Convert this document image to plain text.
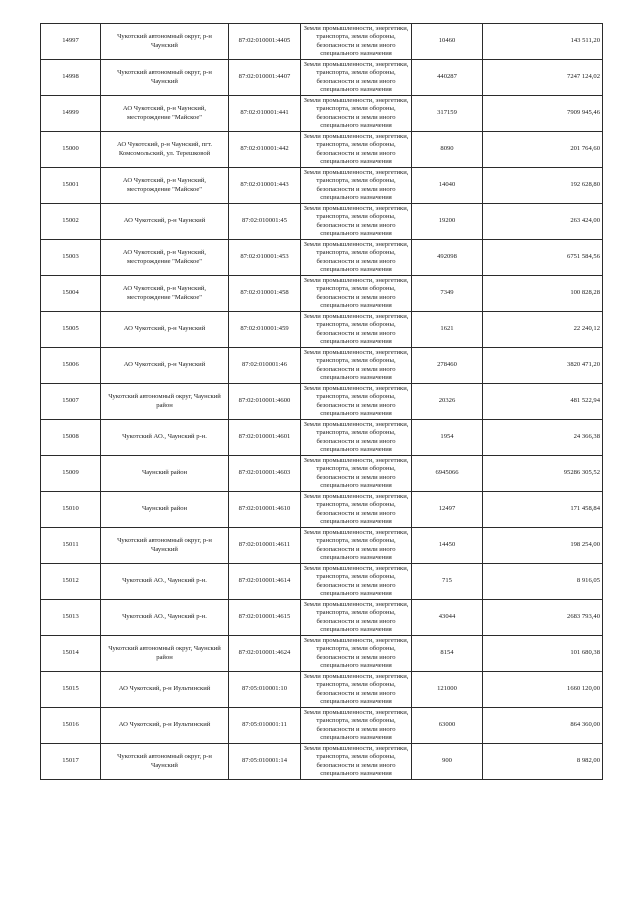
14997	Чукотский автономный округ, р-н Чаунский	87:02:010001:4405	Земли промышленности, энергетики, транспорта, земли обороны, безопасности и земли иного специального назначения	10460	143 511,20
14998	Чукотский автономный округ, р-н Чаунский	87:02:010001:4407	Земли промышленности, энергетики, транспорта, земли обороны, безопасности и земли иного специального назначения	440287	7247 124,02
14999	АО Чукотский, р-н Чаунский, месторождение "Майское"	87:02:010001:441	Земли промышленности, энергетики, транспорта, земли обороны, безопасности и земли иного специального назначения	317159	7909 945,46
15000	АО Чукотский, р-н Чаунский, пгт. Комсомольский, ул. Терешковой	87:02:010001:442	Земли промышленности, энергетики, транспорта, земли обороны, безопасности и земли иного специального назначения	8090	201 764,60
15001	АО Чукотский, р-н Чаунский, месторождение "Майское"	87:02:010001:443	Земли промышленности, энергетики, транспорта, земли обороны, безопасности и земли иного специального назначения	14040	192 628,80
15002	АО Чукотский, р-н Чаунский	87:02:010001:45	Земли промышленности, энергетики, транспорта, земли обороны, безопасности и земли иного специального назначения	19200	263 424,00
15003	АО Чукотский, р-н Чаунский, месторождение "Майское"	87:02:010001:453	Земли промышленности, энергетики, транспорта, земли обороны, безопасности и земли иного специального назначения	492098	6751 584,56
15004	АО Чукотский, р-н Чаунский, месторождение "Майское"	87:02:010001:458	Земли промышленности, энергетики, транспорта, земли обороны, безопасности и земли иного специального назначения	7349	100 828,28
15005	АО Чукотский, р-н Чаунский	87:02:010001:459	Земли промышленности, энергетики, транспорта, земли обороны, безопасности и земли иного специального назначения	1621	22 240,12
15006	АО Чукотский, р-н Чаунский	87:02:010001:46	Земли промышленности, энергетики, транспорта, земли обороны, безопасности и земли иного специального назначения	278460	3820 471,20
15007	Чукотский автономный округ, Чаунский район	87:02:010001:4600	Земли промышленности, энергетики, транспорта, земли обороны, безопасности и земли иного специального назначения	20326	481 522,94
15008	Чукотский АО., Чаунский р-н.	87:02:010001:4601	Земли промышленности, энергетики, транспорта, земли обороны, безопасности и земли иного специального назначения	1954	24 366,38
15009	Чаунский район	87:02:010001:4603	Земли промышленности, энергетики, транспорта, земли обороны, безопасности и земли иного специального назначения	6945066	95286 305,52
15010	Чаунский район	87:02:010001:4610	Земли промышленности, энергетики, транспорта, земли обороны, безопасности и земли иного специального назначения	12497	171 458,84
15011	Чукотский автономный округ, р-н Чаунский	87:02:010001:4611	Земли промышленности, энергетики, транспорта, земли обороны, безопасности и земли иного специального назначения	14450	198 254,00
15012	Чукотский АО., Чаунский р-н.	87:02:010001:4614	Земли промышленности, энергетики, транспорта, земли обороны, безопасности и земли иного специального назначения	715	8 916,05
15013	Чукотский АО., Чаунский р-н.	87:02:010001:4615	Земли промышленности, энергетики, транспорта, земли обороны, безопасности и земли иного специального назначения	43044	2683 793,40
15014	Чукотский автономный округ, Чаунский район	87:02:010001:4624	Земли промышленности, энергетики, транспорта, земли обороны, безопасности и земли иного специального назначения	8154	101 680,38
15015	АО Чукотский, р-н Иультинский	87:05:010001:10	Земли промышленности, энергетики, транспорта, земли обороны, безопасности и земли иного специального назначения	121000	1660 120,00
15016	АО Чукотский, р-н Иультинский	87:05:010001:11	Земли промышленности, энергетики, транспорта, земли обороны, безопасности и земли иного специального назначения	63000	864 360,00
15017	Чукотский автономный округ, р-н Чаунский	87:05:010001:14	Земли промышленности, энергетики, транспорта, земли обороны, безопасности и земли иного специального назначения	900	8 982,00
